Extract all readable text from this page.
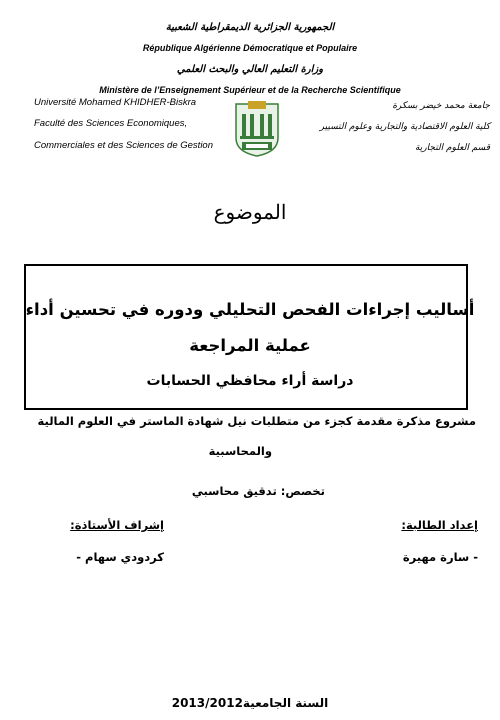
الجمهورية الجزائرية الديمقراطية الشعبية
République Algérienne Démocratique et Populaire
وزارة التعليم العالي والبحث العلمي
Ministère de l’Enseignement Supérieur et de la Recherche Scientifique
Université Mohamed KHIDHER-Biskra
Faculté des Sciences Economiques,
Commerciales et des Sciences de Gestion
جامعة محمد خيضر بسكرة
كلية العلوم الاقتصادية والتجارية وعلوم التسيير
قسم العلوم التجارية
الموضوع
أساليب إجراءات الفحص التحليلي ودوره في تحسين أداء
عملية المراجعة
دراسة أراء محافظي الحسابات
مشروع مذكرة مقدمة كجزء من متطلبات نيل شهادة الماستر في العلوم المالية
والمحاسبية
تخصص: تدقيق محاسبي
إعداد الطالبة:
إشراف الأستاذة:
- سارة مهيرة
كردودي سهام -
السنة الجامعية2013/2012
